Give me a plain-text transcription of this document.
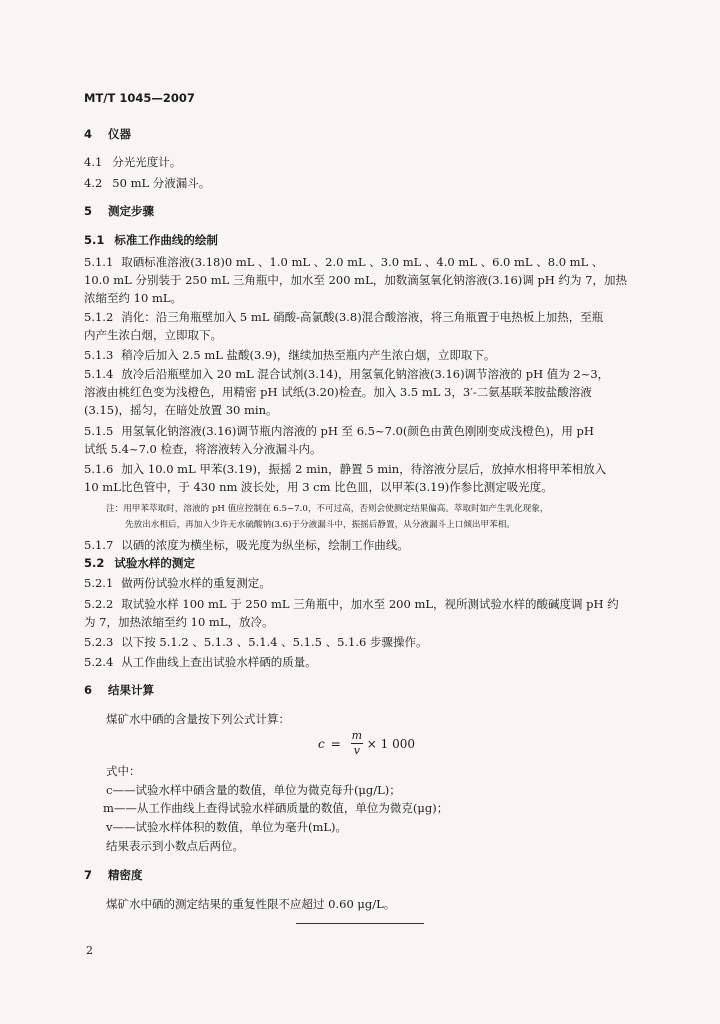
MT/T 1045—2007
4 仪器
4.1 分光光度计。
4.2 50 mL 分液漏斗。
5 测定步骤
5.1 标准工作曲线的绘制
5.1.1 取硒标准溶液(3.18)0 mL 、1.0 mL 、2.0 mL 、3.0 mL 、4.0 mL 、6.0 mL 、8.0 mL 、
10.0 mL 分别装于 250 mL 三角瓶中，加水至 200 mL，加数滴氢氧化钠溶液(3.16)调 pH 约为 7，加热
浓缩至约 10 mL。
5.1.2 消化：沿三角瓶壁加入 5 mL 硝酸-高氯酸(3.8)混合酸溶液，将三角瓶置于电热板上加热，至瓶
内产生浓白烟，立即取下。
5.1.3 稍冷后加入 2.5 mL 盐酸(3.9)，继续加热至瓶内产生浓白烟，立即取下。
5.1.4 放冷后沿瓶壁加入 20 mL 混合试剂(3.14)，用氢氧化钠溶液(3.16)调节溶液的 pH 值为 2~3，
溶液由桃红色变为浅橙色，用精密 pH 试纸(3.20)检查。加入 3.5 mL 3，3′-二氨基联苯胺盐酸溶液
(3.15)，摇匀，在暗处放置 30 min。
5.1.5 用氢氧化钠溶液(3.16)调节瓶内溶液的 pH 至 6.5~7.0(颜色由黄色刚刚变成浅橙色)，用 pH
试纸 5.4~7.0 检查，将溶液转入分液漏斗内。
5.1.6 加入 10.0 mL 甲苯(3.19)，振摇 2 min，静置 5 min，待溶液分层后，放掉水相将甲苯相放入
10 mL比色管中，于 430 nm 波长处，用 3 cm 比色皿，以甲苯(3.19)作参比测定吸光度。
注：用甲苯萃取时，溶液的 pH 值应控制在 6.5~7.0，不可过高，否则会使测定结果偏高。萃取时如产生乳化现象，
先放出水相后，再加入少许无水硫酸钠(3.6)于分液漏斗中，振摇后静置，从分液漏斗上口倾出甲苯相。
5.1.7 以硒的浓度为横坐标，吸光度为纵坐标，绘制工作曲线。
5.2 试验水样的测定
5.2.1 做两份试验水样的重复测定。
5.2.2 取试验水样 100 mL 于 250 mL 三角瓶中，加水至 200 mL，视所测试验水样的酸碱度调 pH 约
为 7，加热浓缩至约 10 mL，放冷。
5.2.3 以下按 5.1.2 、5.1.3 、5.1.4 、5.1.5 、5.1.6 步骤操作。
5.2.4 从工作曲线上查出试验水样硒的质量。
6 结果计算
煤矿水中硒的含量按下列公式计算：
式中：
c——试验水样中硒含量的数值，单位为微克每升(μg/L)；
m——从工作曲线上查得试验水样硒质量的数值，单位为微克(μg)；
v——试验水样体积的数值，单位为毫升(mL)。
结果表示到小数点后两位。
7 精密度
煤矿水中硒的测定结果的重复性限不应超过 0.60 μg/L。
$c = \frac{m}{v} \times 1$ 000
2
